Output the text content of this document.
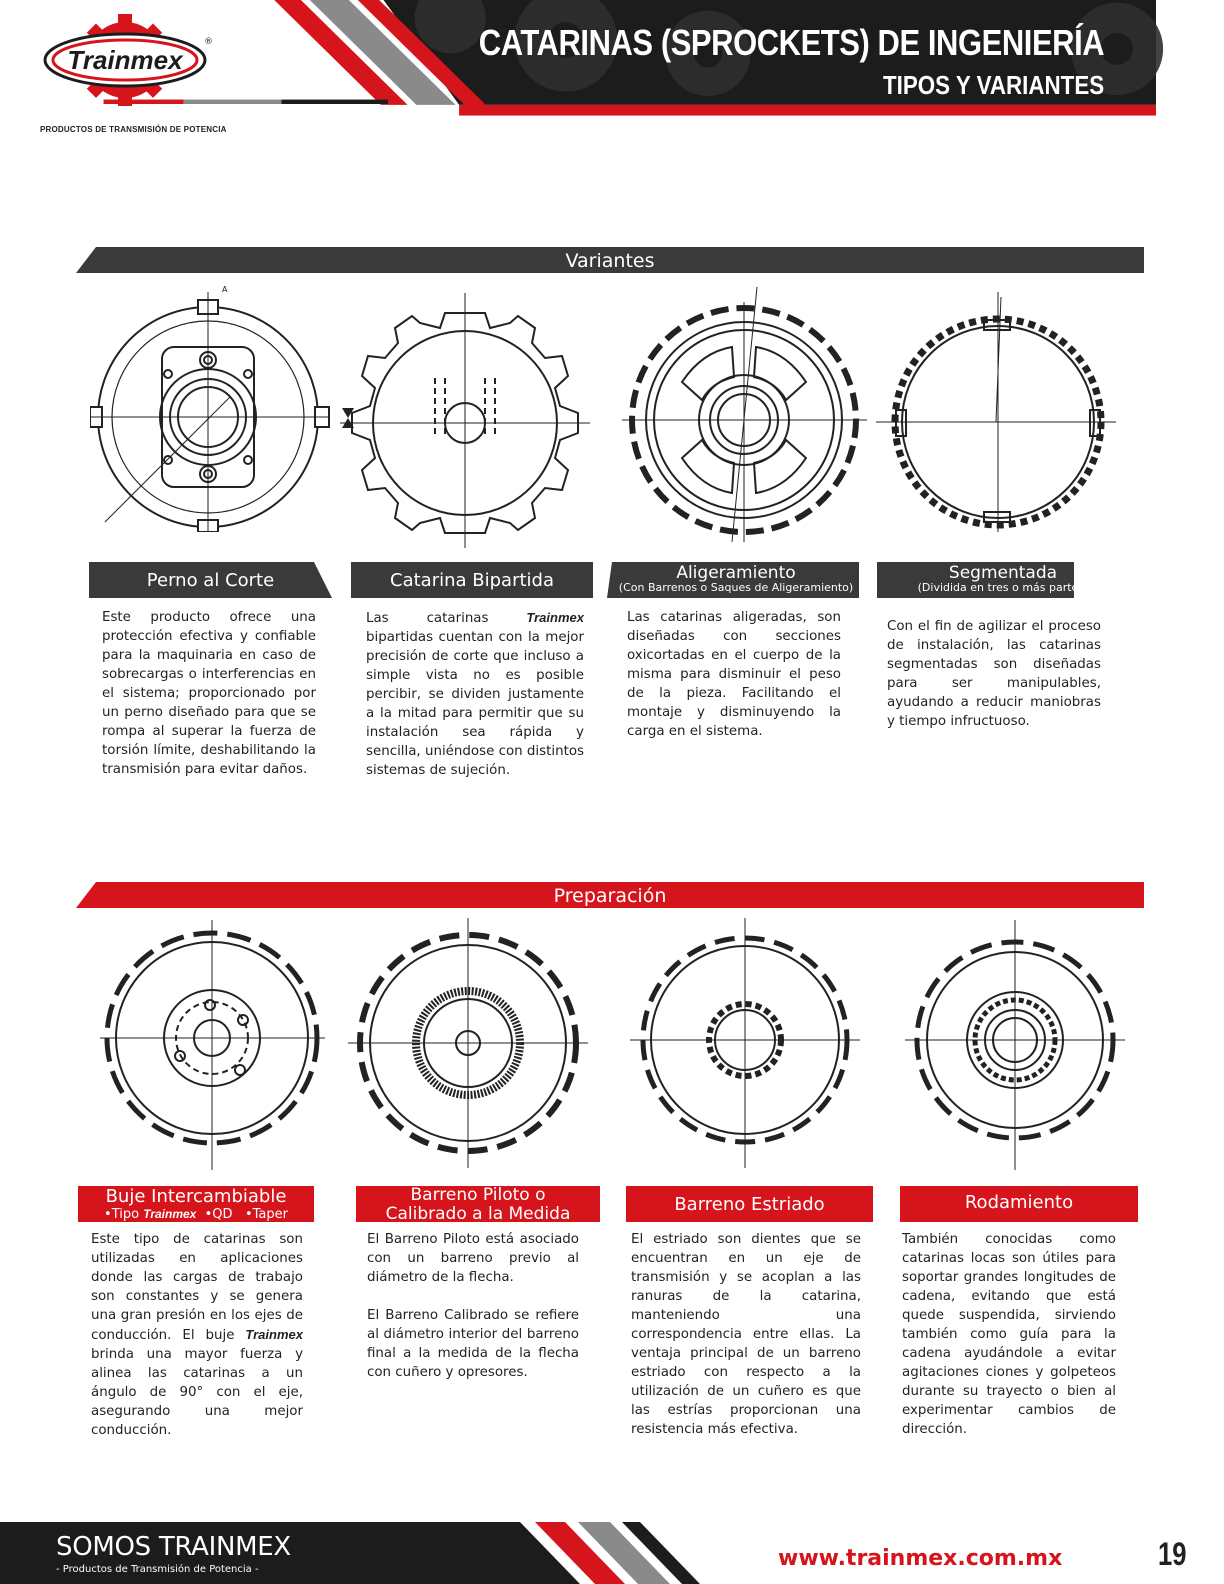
Trainmex
®
PRODUCTOS DE TRANSMISIÓN DE POTENCIA
CATARINAS (SPROCKETS) DE INGENIERÍA
TIPOS Y VARIANTES
Variantes
A
Perno al Corte	Catarina Bipartida	Aligeramiento
(Con Barrenos o Saques de Aligeramiento)
Segmentada
(Dividida en tres o más partes)

Este producto ofrece una protección efectiva y confiable para la maquinaria en caso de sobrecargas o interferencias en el sistema; proporcionado por un perno diseñado para que se rompa al superar la fuerza de torsión límite, deshabilitando la transmisión para evitar daños.

Las catarinas	Trainmex bipartidas cuentan con la mejor precisión de corte que incluso a simple vista no es posible percibir, se dividen justamente a la mitad para permitir que su instalación sea rápida y sencilla, uniéndose con distintos sistemas de sujeción.

Las catarinas aligeradas, son diseñadas con secciones oxicortadas en el cuerpo de la misma para disminuir el peso de la pieza. Facilitando el montaje y disminuyendo la carga en el sistema.

Con el fin de agilizar el proceso de instalación, las catarinas segmentadas son diseñadas para ser manipulables, ayudando a reducir maniobras y tiempo infructuoso.

Preparación
Buje Intercambiable
•Tipo Trainmex •QD •Taper
Barreno Piloto o
Calibrado a la Medida	Barreno Estriado	Rodamiento

Este tipo de catarinas son utilizadas en aplicaciones donde las cargas de trabajo son constantes y se genera una gran presión en los ejes de conducción. El buje Trainmex brinda una mayor fuerza y alinea las catarinas a un ángulo de 90° con el eje, asegurando una mejor conducción.

El Barreno Piloto está asociado con un barreno previo al diámetro de la flecha.

El Barreno Calibrado se refiere al diámetro interior del barreno final a la medida de la flecha con cuñero y opresores.

El estriado son dientes que se encuentran en un eje de transmisión y se acoplan a las ranuras de la catarina, manteniendo una correspondencia entre ellas. La ventaja principal de un barreno estriado con respecto a la utilización de un cuñero es que las estrías proporcionan una resistencia más efectiva.

También conocidas como catarinas locas son útiles para soportar grandes longitudes de cadena, evitando que está quede suspendida, sirviendo también como guía para la cadena ayudándole a evitar agitaciones ciones y golpeteos durante su trayecto o bien al experimentar cambios de dirección.

SOMOS TRAINMEX
- Productos de Transmisión de Potencia -	www.trainmex.com.mx	19
